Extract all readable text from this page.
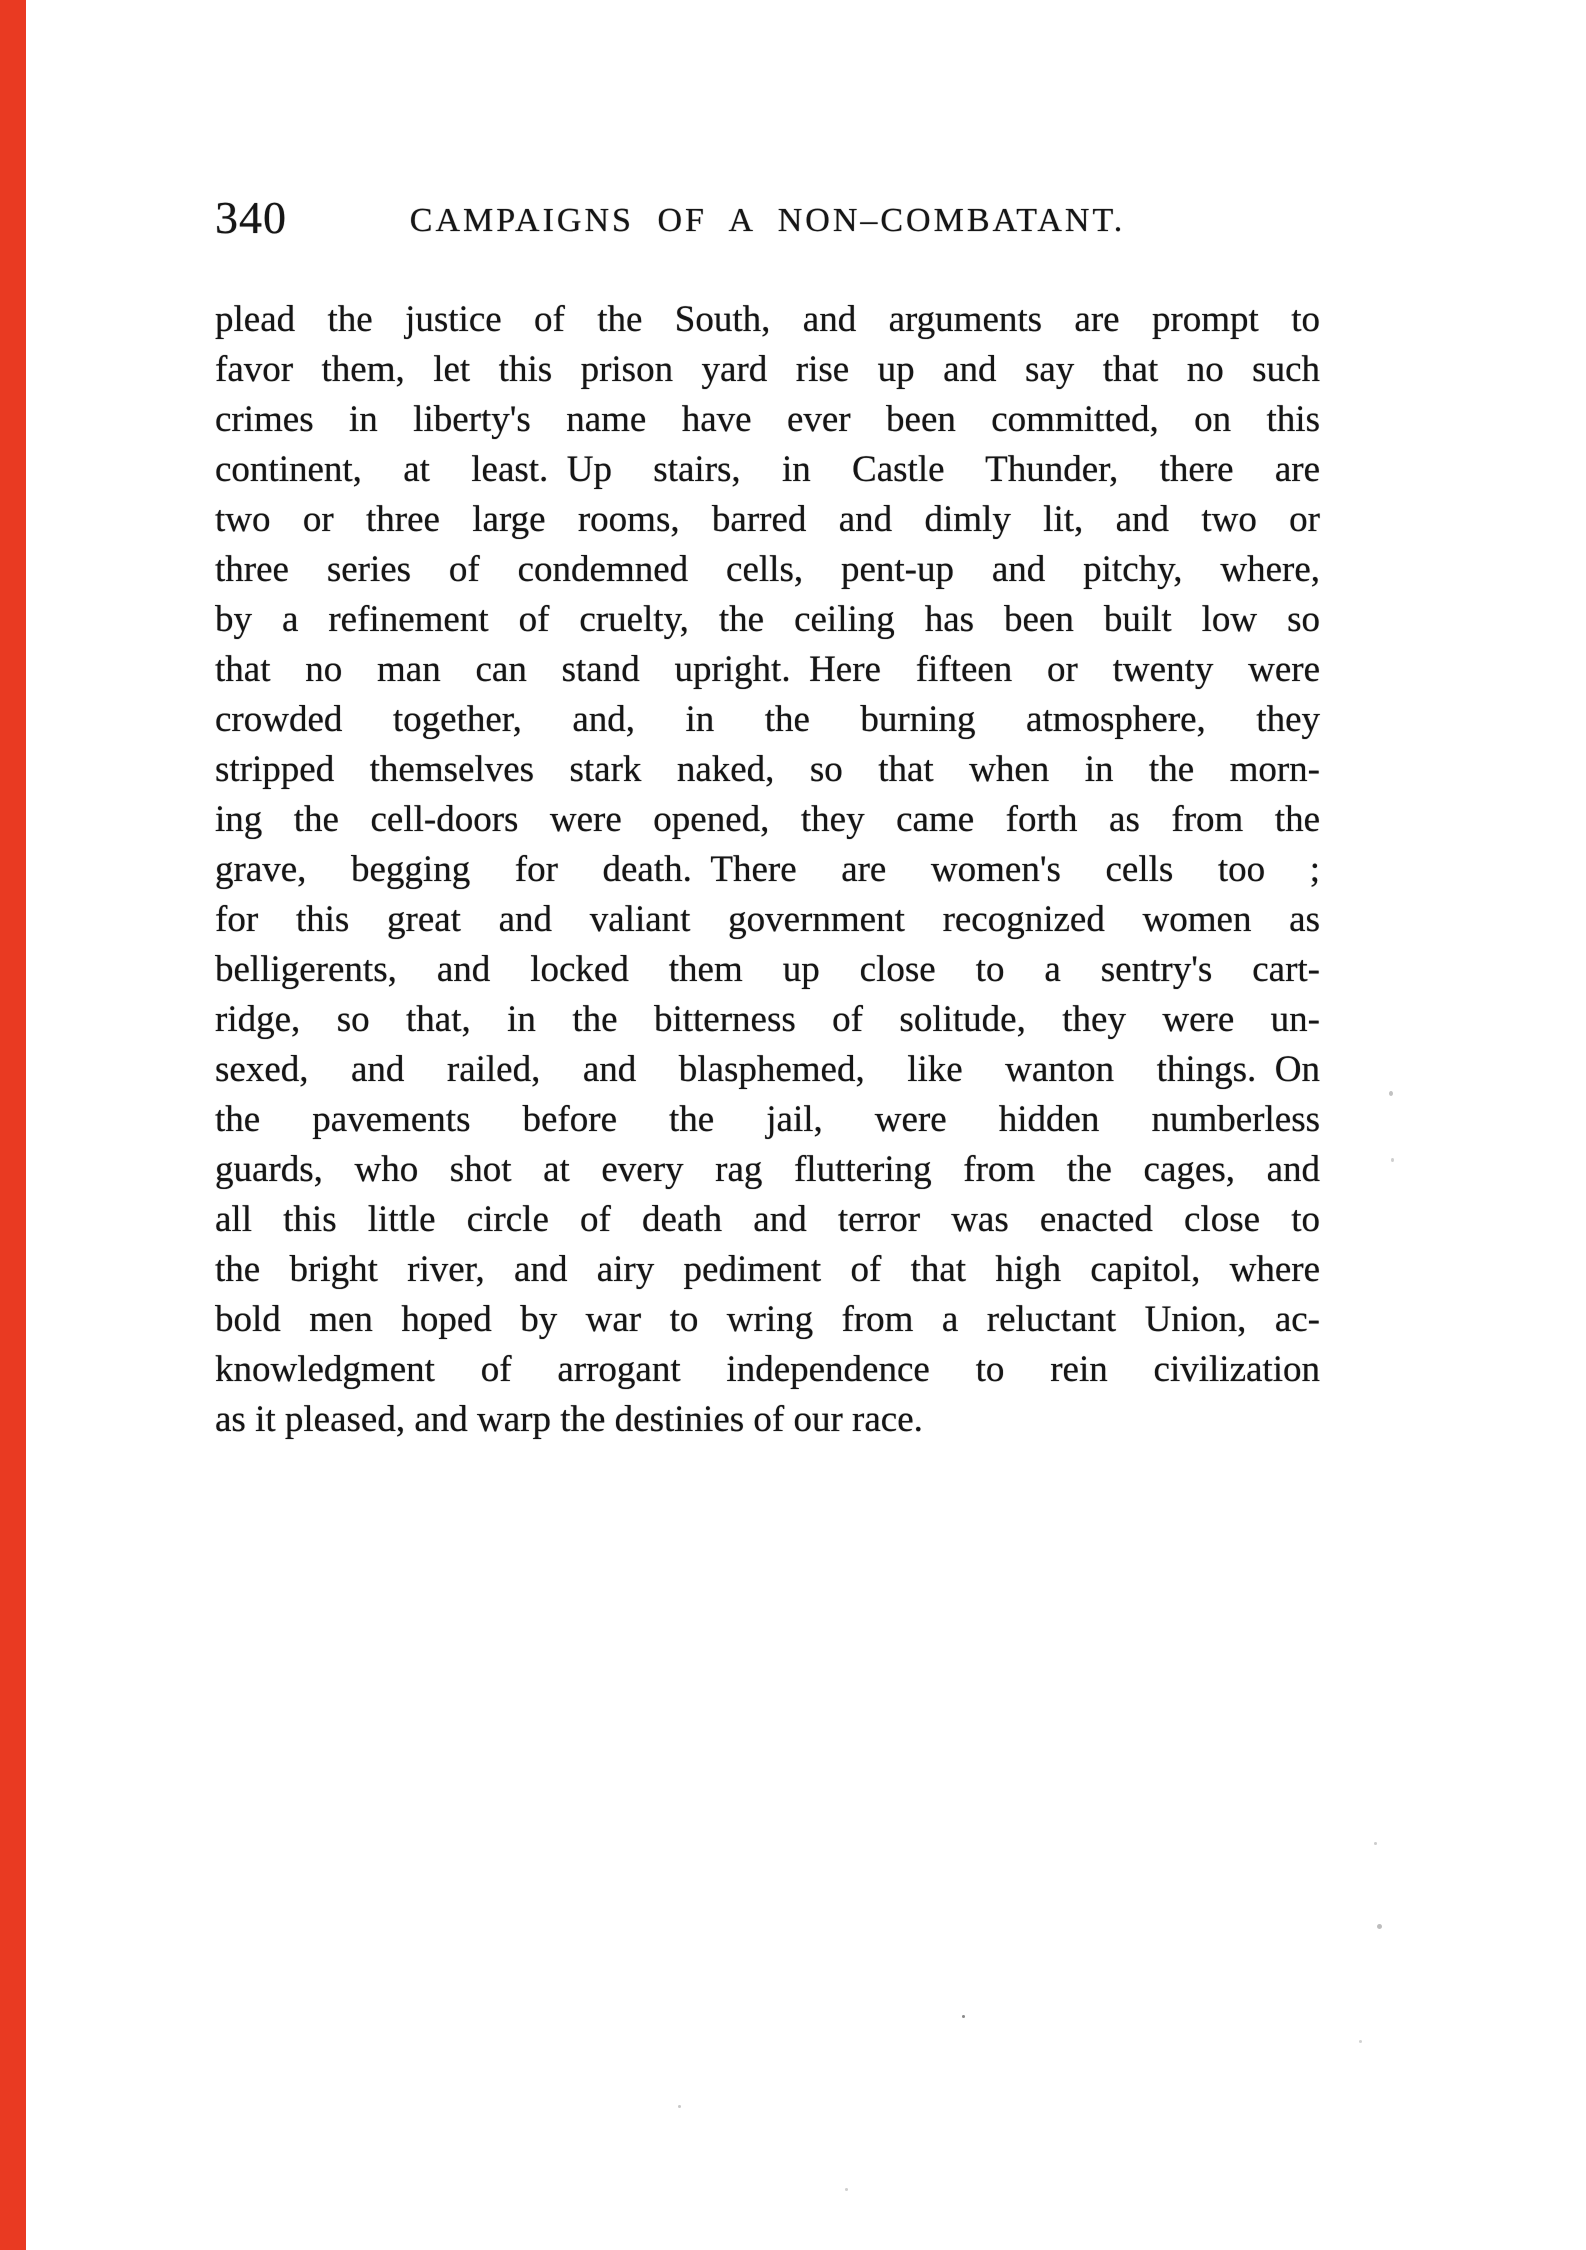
340	CAMPAIGNS OF A NON–COMBATANT.
plead the justice of the South, and arguments are prompt to
favor them, let this prison yard rise up and say that no such
crimes in liberty's name have ever been committed, on this
continent, at least. Up stairs, in Castle Thunder, there are
two or three large rooms, barred and dimly lit, and two or
three series of condemned cells, pent-up and pitchy, where,
by a refinement of cruelty, the ceiling has been built low so
that no man can stand upright. Here fifteen or twenty were
crowded together, and, in the burning atmosphere, they
stripped themselves stark naked, so that when in the morn-
ing the cell-doors were opened, they came forth as from the
grave, begging for death. There are women's cells too ;
for this great and valiant government recognized women as
belligerents, and locked them up close to a sentry's cart-
ridge, so that, in the bitterness of solitude, they were un-
sexed, and railed, and blasphemed, like wanton things. On
the pavements before the jail, were hidden numberless
guards, who shot at every rag fluttering from the cages, and
all this little circle of death and terror was enacted close to
the bright river, and airy pediment of that high capitol, where
bold men hoped by war to wring from a reluctant Union, ac-
knowledgment of arrogant independence to rein civilization
as it pleased, and warp the destinies of our race.
